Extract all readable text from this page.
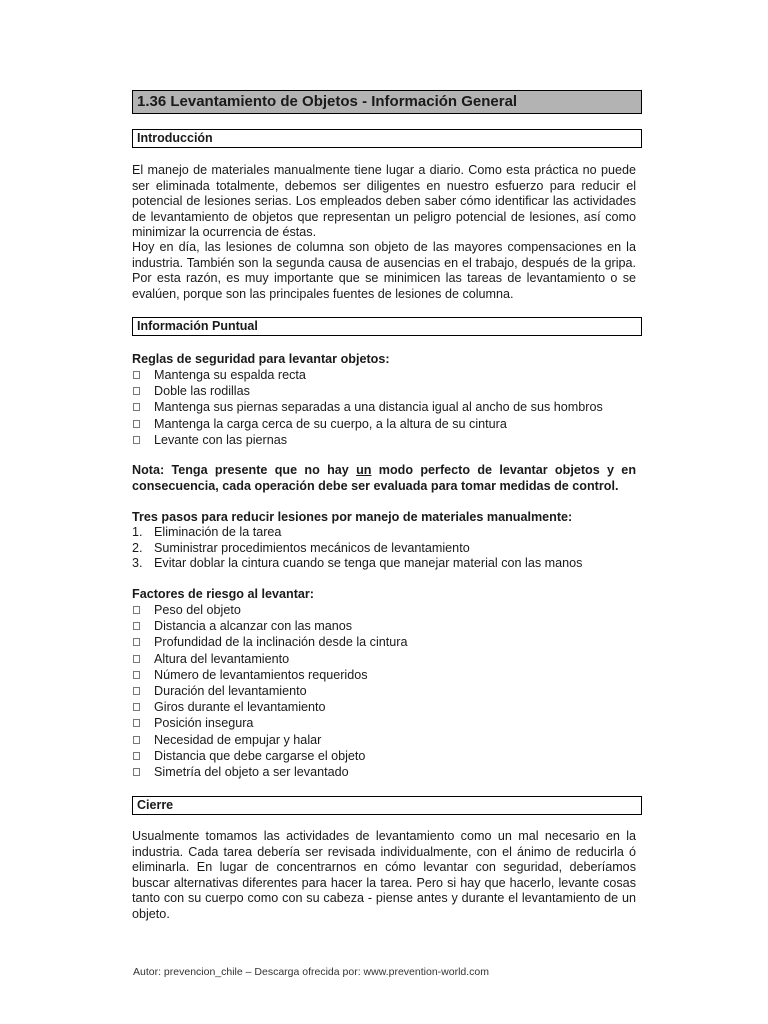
1.36 Levantamiento de Objetos - Información General
Introducción

El manejo de materiales manualmente tiene lugar a diario. Como esta práctica no puede ser eliminada totalmente, debemos ser diligentes en nuestro esfuerzo para reducir el potencial de lesiones serias. Los empleados deben saber cómo identificar las actividades de levantamiento de objetos que representan un peligro potencial de lesiones, así como minimizar la ocurrencia de éstas.

Hoy en día, las lesiones de columna son objeto de las mayores compensaciones en la industria. También son la segunda causa de ausencias en el trabajo, después de la gripa. Por esta razón, es muy importante que se minimicen las tareas de levantamiento o se evalúen, porque son las principales fuentes de lesiones de columna.

Información Puntual

Reglas de seguridad para levantar objetos:

Mantenga su espalda recta
Doble las rodillas
Mantenga sus piernas separadas a una distancia igual al ancho de sus hombros
Mantenga la carga cerca de su cuerpo, a la altura de su cintura
Levante con las piernas

Nota: Tenga presente que no hay un modo perfecto de levantar objetos y en consecuencia, cada operación debe ser evaluada para tomar medidas de control.

Tres pasos para reducir lesiones por manejo de materiales manualmente:

1. Eliminación de la tarea
2. Suministrar procedimientos mecánicos de levantamiento
3. Evitar doblar la cintura cuando se tenga que manejar material con las manos

Factores de riesgo al levantar:

Peso del objeto
Distancia a alcanzar con las manos
Profundidad de la inclinación desde la cintura
Altura del levantamiento
Número de levantamientos requeridos
Duración del levantamiento
Giros durante el levantamiento
Posición insegura
Necesidad de empujar y halar
Distancia que debe cargarse el objeto
Simetría del objeto a ser levantado
Cierre

Usualmente tomamos las actividades de levantamiento como un mal necesario en la industria. Cada tarea debería ser revisada individualmente, con el ánimo de reducirla ó eliminarla. En lugar de concentrarnos en cómo levantar con seguridad, deberíamos buscar alternativas diferentes para hacer la tarea. Pero si hay que hacerlo, levante cosas tanto con su cuerpo como con su cabeza - piense antes y durante el levantamiento de un objeto.

Autor: prevencion_chile – Descarga ofrecida por: www.prevention-world.com
